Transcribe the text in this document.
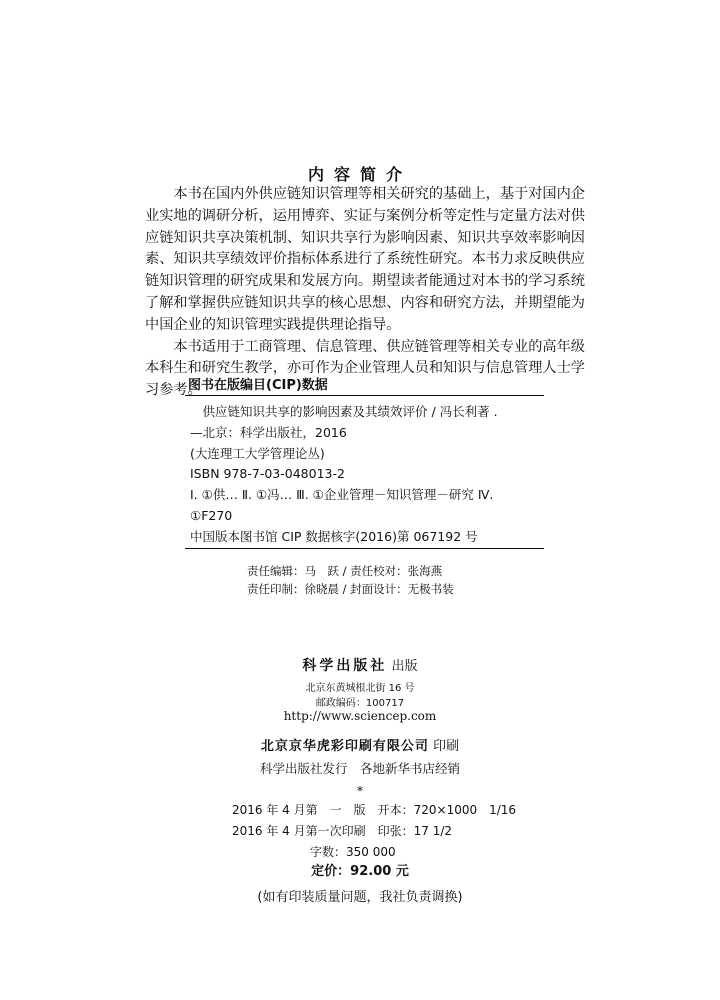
内容简介

本书在国内外供应链知识管理等相关研究的基础上，基于对国内企业实地的调研分析，运用博弈、实证与案例分析等定性与定量方法对供应链知识共享决策机制、知识共享行为影响因素、知识共享效率影响因素、知识共享绩效评价指标体系进行了系统性研究。本书力求反映供应链知识管理的研究成果和发展方向。期望读者能通过对本书的学习系统了解和掌握供应链知识共享的核心思想、内容和研究方法，并期望能为中国企业的知识管理实践提供理论指导。

本书适用于工商管理、信息管理、供应链管理等相关专业的高年级本科生和研究生教学，亦可作为企业管理人员和知识与信息管理人士学习参考。

图书在版编目(CIP)数据
供应链知识共享的影响因素及其绩效评价 / 冯长利著 .
—北京：科学出版社，2016
(大连理工大学管理论丛)
ISBN 978-7-03-048013-2
Ⅰ. ①供… Ⅱ. ①冯… Ⅲ. ①企业管理－知识管理－研究 Ⅳ.
①F270
中国版本图书馆 CIP 数据核字(2016)第 067192 号
责任编辑：马　跃 / 责任校对：张海燕
责任印制：徐晓晨 / 封面设计：无极书装
科学出版社 出版
北京东黄城根北街 16 号
邮政编码：100717
http://www.sciencep.com
北京京华虎彩印刷有限公司 印刷
科学出版社发行　各地新华书店经销
*
2016 年 4 月第　一　版　开本：720×1000　1/16
2016 年 4 月第一次印刷　印张：17 1/2
字数：350 000
定价：92.00 元
(如有印装质量问题，我社负责调换)
